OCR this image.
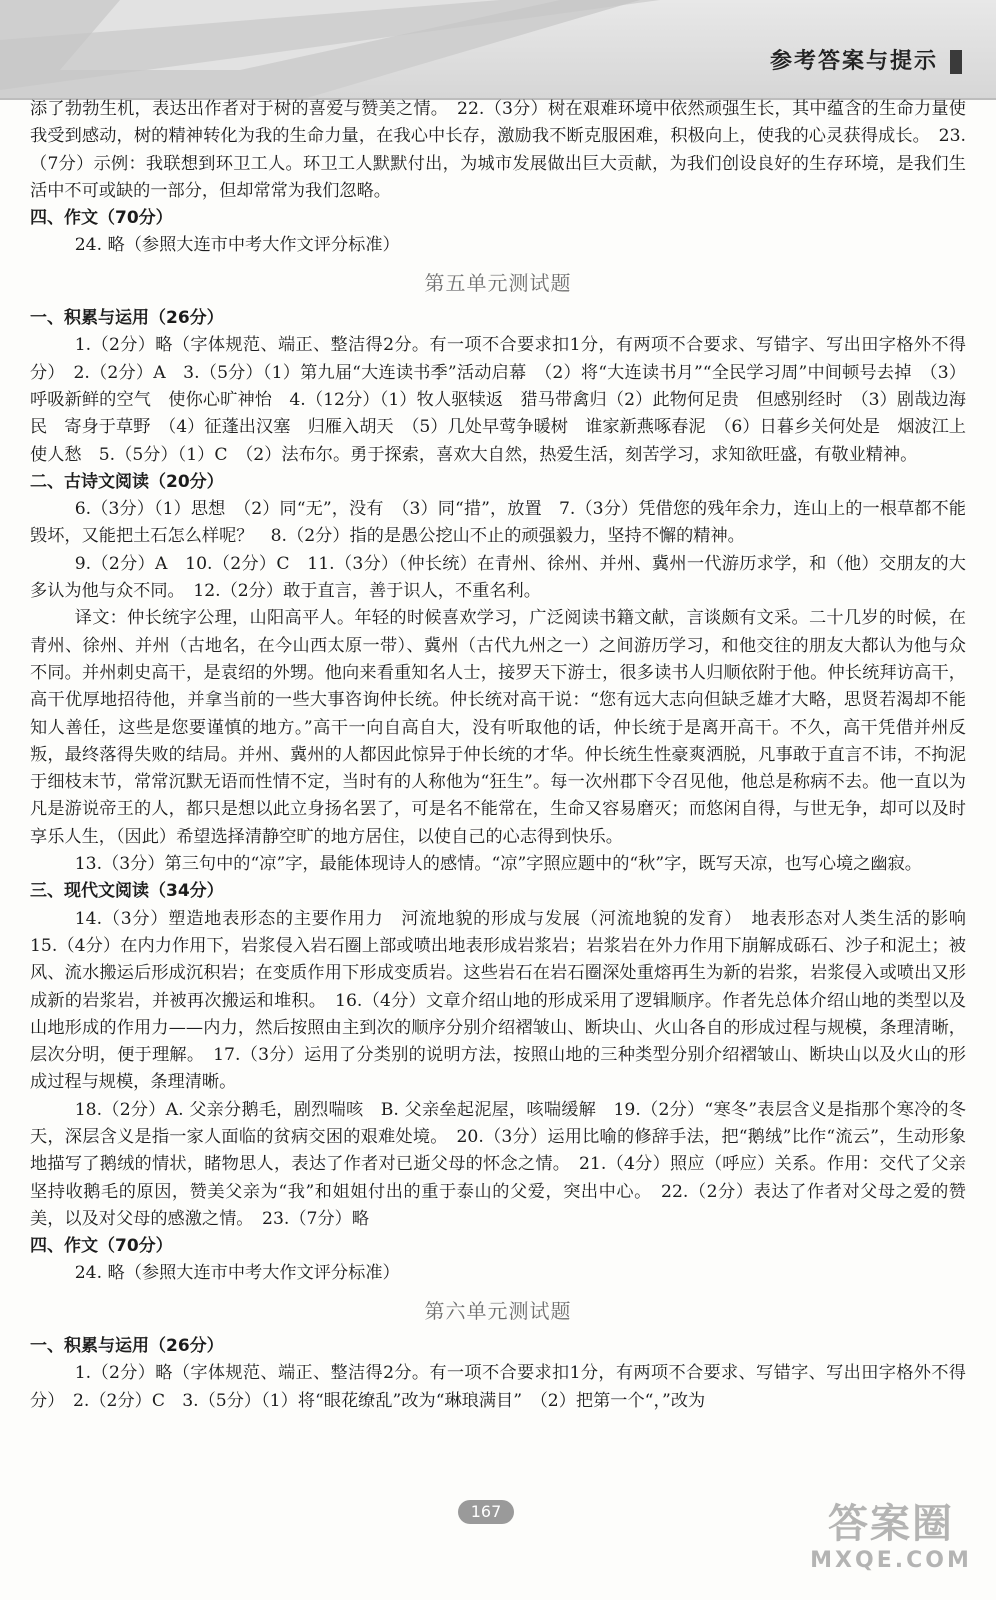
参考答案与提示

添了勃勃生机，表达出作者对于树的喜爱与赞美之情。　22.（3分）树在艰难环境中依然顽强生长，其中蕴含的生命力量使我受到感动，树的精神转化为我的生命力量，在我心中长存，激励我不断克服困难，积极向上，使我的心灵获得成长。　23.（7分）示例：我联想到环卫工人。环卫工人默默付出，为城市发展做出巨大贡献，为我们创设良好的生存环境，是我们生活中不可或缺的一部分，但却常常为我们忽略。

四、作文（70分）

24. 略（参照大连市中考大作文评分标准）

第五单元测试题

一、积累与运用（26分）

1.（2分）略（字体规范、端正、整洁得2分。有一项不合要求扣1分，有两项不合要求、写错字、写出田字格外不得分）　2.（2分）A　3.（5分）（1）第九届“大连读书季”活动启幕　（2）将“大连读书月”“全民学习周”中间顿号去掉　（3）呼吸新鲜的空气　使你心旷神怡　4.（12分）（1）牧人驱犊返　猎马带禽归（2）此物何足贵　但感别经时　（3）剧哉边海民　寄身于草野　（4）征蓬出汉塞　归雁入胡天　（5）几处早莺争暖树　谁家新燕啄春泥　（6）日暮乡关何处是　烟波江上使人愁　5.（5分）（1）C　（2）法布尔。勇于探索，喜欢大自然，热爱生活，刻苦学习，求知欲旺盛，有敬业精神。

二、古诗文阅读（20分）

6.（3分）（1）思想　（2）同“无”，没有　（3）同“措”，放置　7.（3分）凭借您的残年余力，连山上的一根草都不能毁坏，又能把土石怎么样呢？　8.（2分）指的是愚公挖山不止的顽强毅力，坚持不懈的精神。

9.（2分）A　10.（2分）C　11.（3分）（仲长统）在青州、徐州、并州、冀州一代游历求学，和（他）交朋友的大多认为他与众不同。　12.（2分）敢于直言，善于识人，不重名利。

译文：仲长统字公理，山阳高平人。年轻的时候喜欢学习，广泛阅读书籍文献，言谈颇有文采。二十几岁的时候，在青州、徐州、并州（古地名，在今山西太原一带）、冀州（古代九州之一）之间游历学习，和他交往的朋友大都认为他与众不同。并州刺史高干，是袁绍的外甥。他向来看重知名人士，接罗天下游士，很多读书人归顺依附于他。仲长统拜访高干，高干优厚地招待他，并拿当前的一些大事咨询仲长统。仲长统对高干说：“您有远大志向但缺乏雄才大略，思贤若渴却不能知人善任，这些是您要谨慎的地方。”高干一向自高自大，没有听取他的话，仲长统于是离开高干。不久，高干凭借并州反叛，最终落得失败的结局。并州、冀州的人都因此惊异于仲长统的才华。仲长统生性豪爽洒脱，凡事敢于直言不讳，不拘泥于细枝末节，常常沉默无语而性情不定，当时有的人称他为“狂生”。每一次州郡下令召见他，他总是称病不去。他一直以为凡是游说帝王的人，都只是想以此立身扬名罢了，可是名不能常在，生命又容易磨灭；而悠闲自得，与世无争，却可以及时享乐人生，（因此）希望选择清静空旷的地方居住，以使自己的心志得到快乐。

13.（3分）第三句中的“凉”字，最能体现诗人的感情。“凉”字照应题中的“秋”字，既写天凉，也写心境之幽寂。

三、现代文阅读（34分）

14.（3分）塑造地表形态的主要作用力　河流地貌的形成与发展（河流地貌的发育）　地表形态对人类生活的影响　15.（4分）在内力作用下，岩浆侵入岩石圈上部或喷出地表形成岩浆岩；岩浆岩在外力作用下崩解成砾石、沙子和泥土；被风、流水搬运后形成沉积岩；在变质作用下形成变质岩。这些岩石在岩石圈深处重熔再生为新的岩浆，岩浆侵入或喷出又形成新的岩浆岩，并被再次搬运和堆积。　16.（4分）文章介绍山地的形成采用了逻辑顺序。作者先总体介绍山地的类型以及山地形成的作用力——内力，然后按照由主到次的顺序分别介绍褶皱山、断块山、火山各自的形成过程与规模，条理清晰，层次分明，便于理解。　17.（3分）运用了分类别的说明方法，按照山地的三种类型分别介绍褶皱山、断块山以及火山的形成过程与规模，条理清晰。

18.（2分）A. 父亲分鹅毛，剧烈喘咳　B. 父亲垒起泥屋，咳喘缓解　19.（2分）“寒冬”表层含义是指那个寒冷的冬天，深层含义是指一家人面临的贫病交困的艰难处境。　20.（3分）运用比喻的修辞手法，把“鹅绒”比作“流云”，生动形象地描写了鹅绒的情状，睹物思人，表达了作者对已逝父母的怀念之情。　21.（4分）照应（呼应）关系。作用：交代了父亲坚持收鹅毛的原因，赞美父亲为“我”和姐姐付出的重于泰山的父爱，突出中心。　22.（2分）表达了作者对父母之爱的赞美，以及对父母的感激之情。　23.（7分）略

四、作文（70分）

24. 略（参照大连市中考大作文评分标准）

第六单元测试题

一、积累与运用（26分）

1.（2分）略（字体规范、端正、整洁得2分。有一项不合要求扣1分，有两项不合要求、写错字、写出田字格外不得分）　2.（2分）C　3.（5分）（1）将“眼花缭乱”改为“琳琅满目”　（2）把第一个“，”改为

167	答案圈
MXQE.COM
